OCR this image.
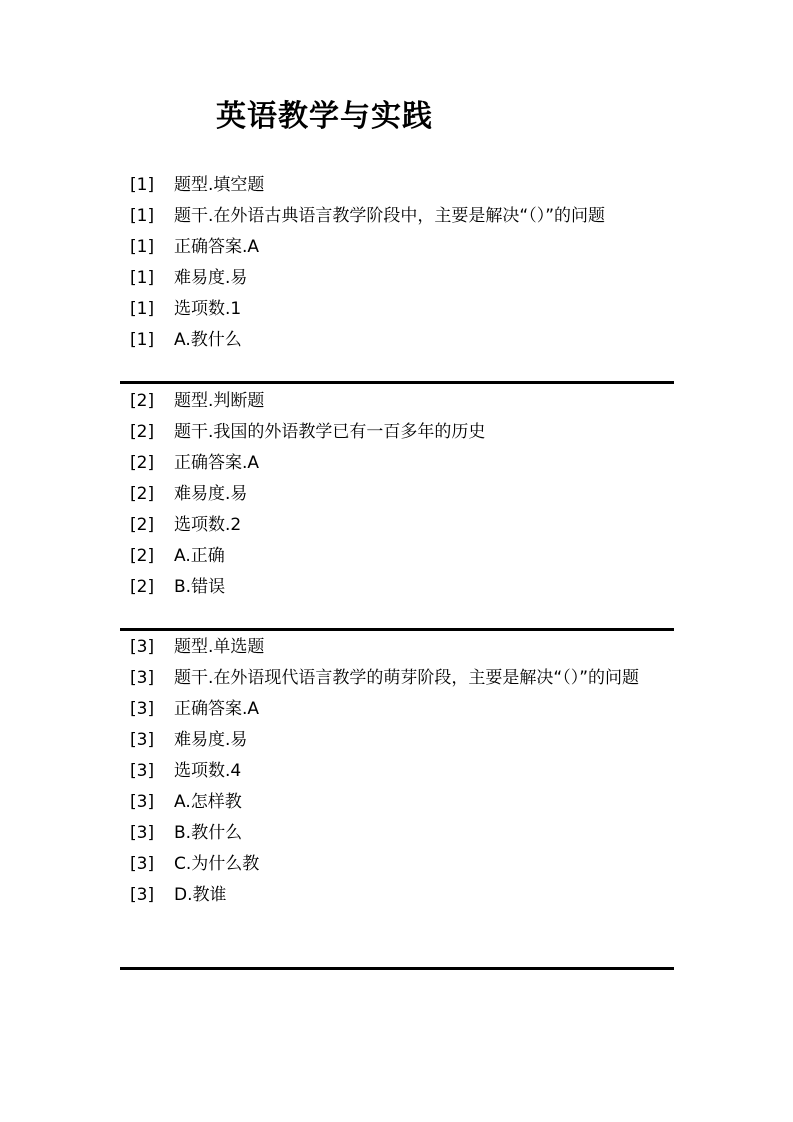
英语教学与实践
[1] 题型.填空题
[1] 题干.在外语古典语言教学阶段中，主要是解决“（）”的问题
[1] 正确答案.A
[1] 难易度.易
[1] 选项数.1
[1] A.教什么
[2] 题型.判断题
[2] 题干.我国的外语教学已有一百多年的历史
[2] 正确答案.A
[2] 难易度.易
[2] 选项数.2
[2] A.正确
[2] B.错误
[3] 题型.单选题
[3] 题干.在外语现代语言教学的萌芽阶段，主要是解决“（）”的问题
[3] 正确答案.A
[3] 难易度.易
[3] 选项数.4
[3] A.怎样教
[3] B.教什么
[3] C.为什么教
[3] D.教谁
